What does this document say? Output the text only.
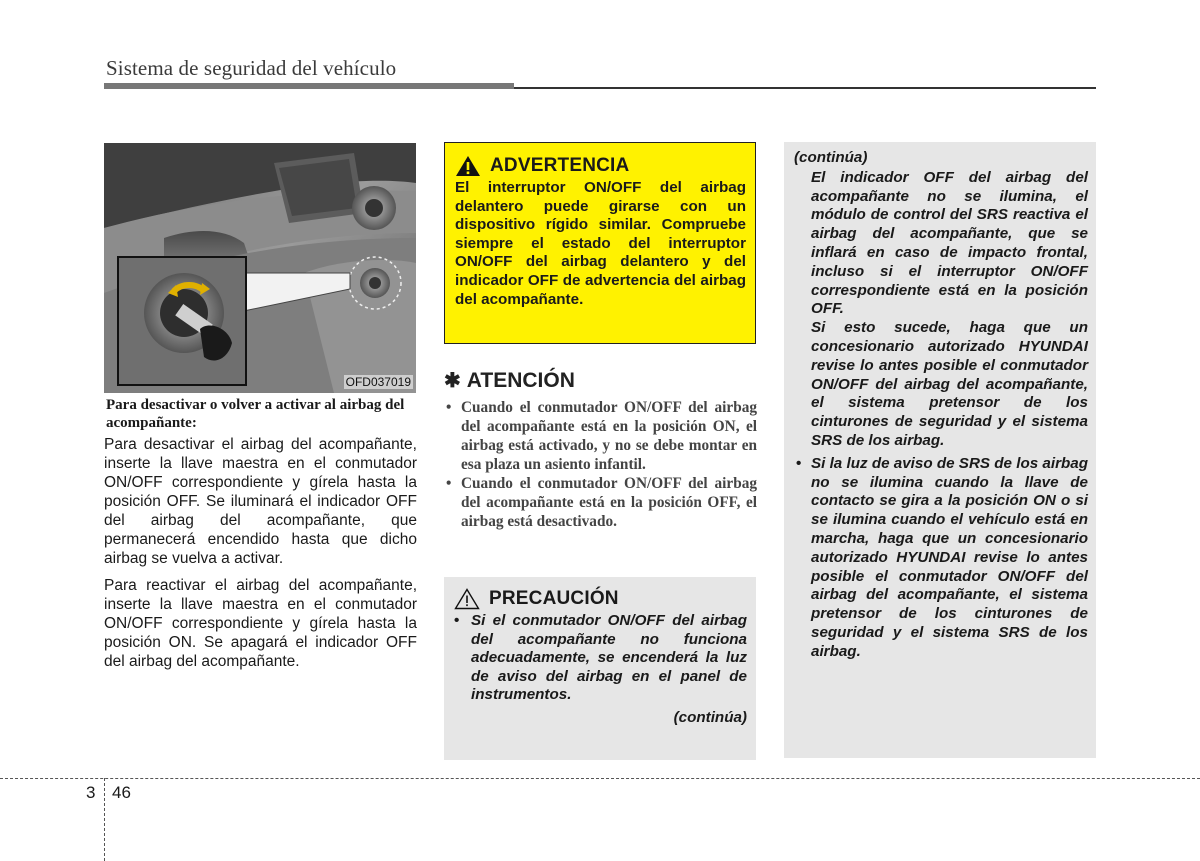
Sistema de seguridad del vehículo
OFD037019
Para desactivar o volver a activar al airbag del acompañante:

Para desactivar el airbag del acompañante, inserte la llave maestra en el conmutador ON/OFF correspondiente y gírela hasta la posición OFF. Se iluminará el indicador OFF del airbag del acompañante, que permanecerá encendido hasta que dicho airbag se vuelva a activar.

Para reactivar el airbag del acompañante, inserte la llave maestra en el conmutador ON/OFF correspondiente y gírela hasta la posición ON. Se apagará el indicador OFF del airbag del acompañante.

ADVERTENCIA
El interruptor ON/OFF del airbag delantero puede girarse con un dispositivo rígido similar. Compruebe siempre el estado del interruptor ON/OFF del airbag delantero y del indicador OFF de advertencia del airbag del acompañante.
✱ ATENCIÓN
• Cuando el conmutador ON/OFF del airbag del acompañante está en la posición ON, el airbag está activado, y no se debe montar en esa plaza un asiento infantil.
• Cuando el conmutador ON/OFF del airbag del acompañante está en la posición OFF, el airbag está desactivado.
PRECAUCIÓN
• Si el conmutador ON/OFF del airbag del acompañante no funciona adecuadamente, se encenderá la luz de aviso del airbag en el panel de instrumentos.
(continúa)
(continúa)

El indicador OFF del airbag del acompañante no se ilumina, el módulo de control del SRS reactiva el airbag del acompañante, que se inflará en caso de impacto frontal, incluso si el interruptor ON/OFF correspondiente está en la posición OFF.

Si esto sucede, haga que un concesionario autorizado HYUNDAI revise lo antes posible el conmutador ON/OFF del airbag del acompañante, el sistema pretensor de los cinturones de seguridad y el sistema SRS de los airbag.

• Si la luz de aviso de SRS de los airbag no se ilumina cuando la llave de contacto se gira a la posición ON o si se ilumina cuando el vehículo está en marcha, haga que un concesionario autorizado HYUNDAI revise lo antes posible el conmutador ON/OFF del airbag del acompañante, el sistema pretensor de los cinturones de seguridad y el sistema SRS de los airbag.
3 46
